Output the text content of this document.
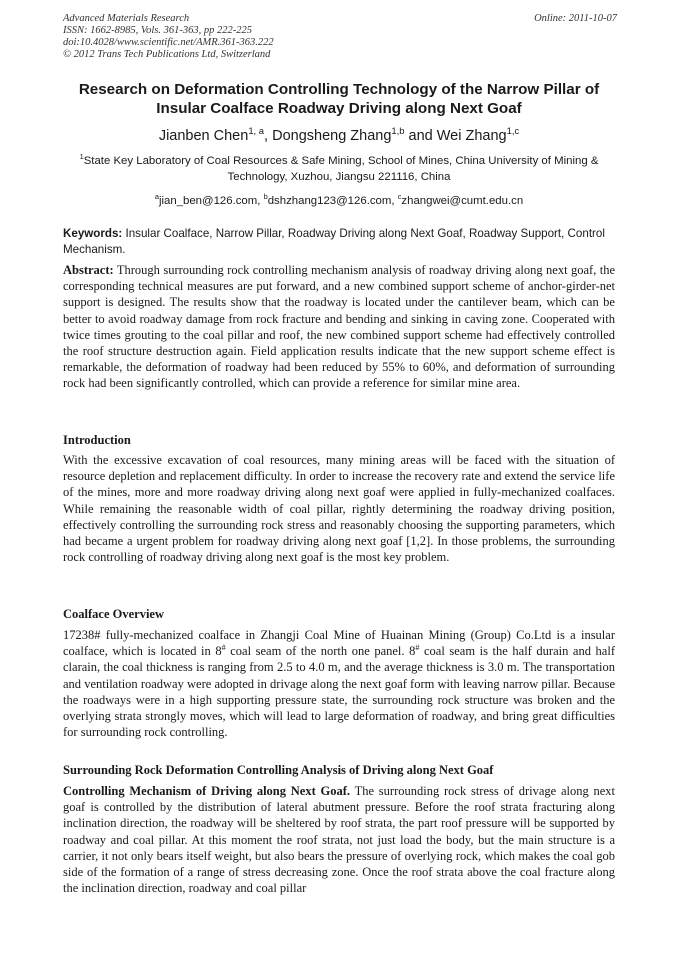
Advanced Materials Research
ISSN: 1662-8985, Vols. 361-363, pp 222-225
doi:10.4028/www.scientific.net/AMR.361-363.222
© 2012 Trans Tech Publications Ltd, Switzerland
Online: 2011-10-07
Research on Deformation Controlling Technology of the Narrow Pillar of Insular Coalface Roadway Driving along Next Goaf
Jianben Chen$^{1, a}$, Dongsheng Zhang$^{1,b}$ and Wei Zhang$^{1,c}$
$^1$State Key Laboratory of Coal Resources & Safe Mining, School of Mines, China University of Mining & Technology, Xuzhou, Jiangsu 221116, China
$^a$jian_ben@126.com, $^b$dshzhang123@126.com, $^c$zhangwei@cumt.edu.cn
Keywords: Insular Coalface, Narrow Pillar, Roadway Driving along Next Goaf, Roadway Support, Control Mechanism.
Abstract: Through surrounding rock controlling mechanism analysis of roadway driving along next goaf, the corresponding technical measures are put forward, and a new combined support scheme of anchor-girder-net support is designed. The results show that the roadway is located under the cantilever beam, which can be better to avoid roadway damage from rock fracture and bending and sinking in caving zone. Cooperated with twice times grouting to the coal pillar and roof, the new combined support scheme had effectively controlled the roof structure destruction again. Field application results indicate that the new support scheme effect is remarkable, the deformation of roadway had been reduced by 55% to 60%, and deformation of surrounding rock had been significantly controlled, which can provide a reference for similar mine area.
Introduction
With the excessive excavation of coal resources, many mining areas will be faced with the situation of resource depletion and replacement difficulty. In order to increase the recovery rate and extend the service life of the mines, more and more roadway driving along next goaf were applied in fully-mechanized coalfaces. While remaining the reasonable width of coal pillar, rightly determining the roadway driving position, effectively controlling the surrounding rock stress and reasonably choosing the supporting parameters, which had became a urgent problem for roadway driving along next goaf [1,2]. In those problems, the surrounding rock controlling of roadway driving along next goaf is the most key problem.
Coalface Overview
17238# fully-mechanized coalface in Zhangji Coal Mine of Huainan Mining (Group) Co.Ltd is a insular coalface, which is located in 8# coal seam of the north one panel. 8# coal seam is the half durain and half clarain, the coal thickness is ranging from 2.5 to 4.0 m, and the average thickness is 3.0 m. The transportation and ventilation roadway were adopted in drivage along the next goaf form with leaving narrow pillar. Because the roadways were in a high supporting pressure state, the surrounding rock structure was broken and the overlying strata strongly moves, which will lead to large deformation of roadway, and bring great difficulties for surrounding rock controlling.
Surrounding Rock Deformation Controlling Analysis of Driving along Next Goaf
Controlling Mechanism of Driving along Next Goaf. The surrounding rock stress of drivage along next goaf is controlled by the distribution of lateral abutment pressure. Before the roof strata fracturing along inclination direction, the roadway will be sheltered by roof strata, the part roof pressure will be supported by roadway and coal pillar. At this moment the roof strata, not just load the body, but the main structure is a carrier, it not only bears itself weight, but also bears the pressure of overlying rock, which makes the coal gob side of the formation of a range of stress decreasing zone. Once the roof strata above the coal fracture along the inclination direction, roadway and coal pillar
